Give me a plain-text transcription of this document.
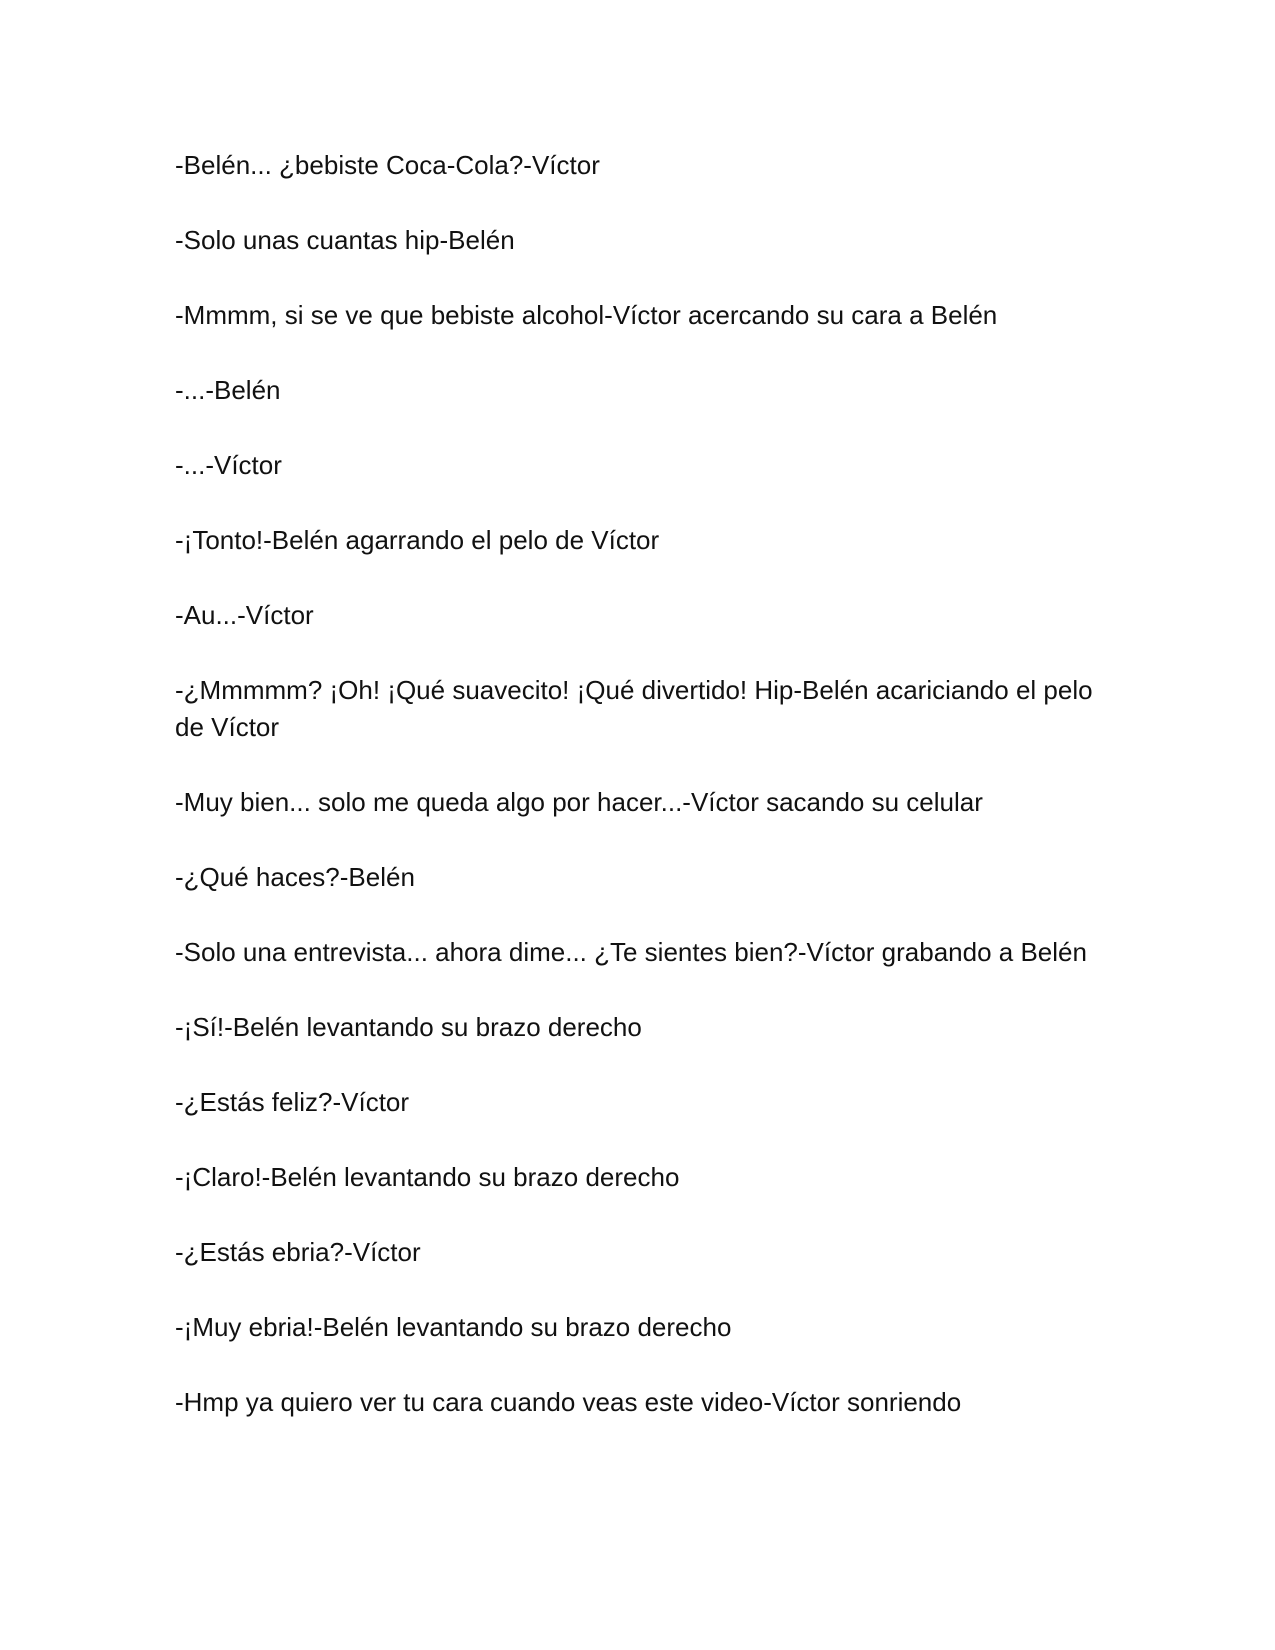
-Belén... ¿bebiste Coca-Cola?-Víctor

-Solo unas cuantas hip-Belén

-Mmmm, si se ve que bebiste alcohol-Víctor acercando su cara a Belén

-...-Belén

-...-Víctor

-¡Tonto!-Belén agarrando el pelo de Víctor

-Au...-Víctor

-¿Mmmmm? ¡Oh! ¡Qué suavecito! ¡Qué divertido! Hip-Belén acariciando el pelo de Víctor

-Muy bien... solo me queda algo por hacer...-Víctor sacando su celular

-¿Qué haces?-Belén

-Solo una entrevista... ahora dime... ¿Te sientes bien?-Víctor grabando a Belén

-¡Sí!-Belén levantando su brazo derecho

-¿Estás feliz?-Víctor

-¡Claro!-Belén levantando su brazo derecho

-¿Estás ebria?-Víctor

-¡Muy ebria!-Belén levantando su brazo derecho

-Hmp ya quiero ver tu cara cuando veas este video-Víctor sonriendo
